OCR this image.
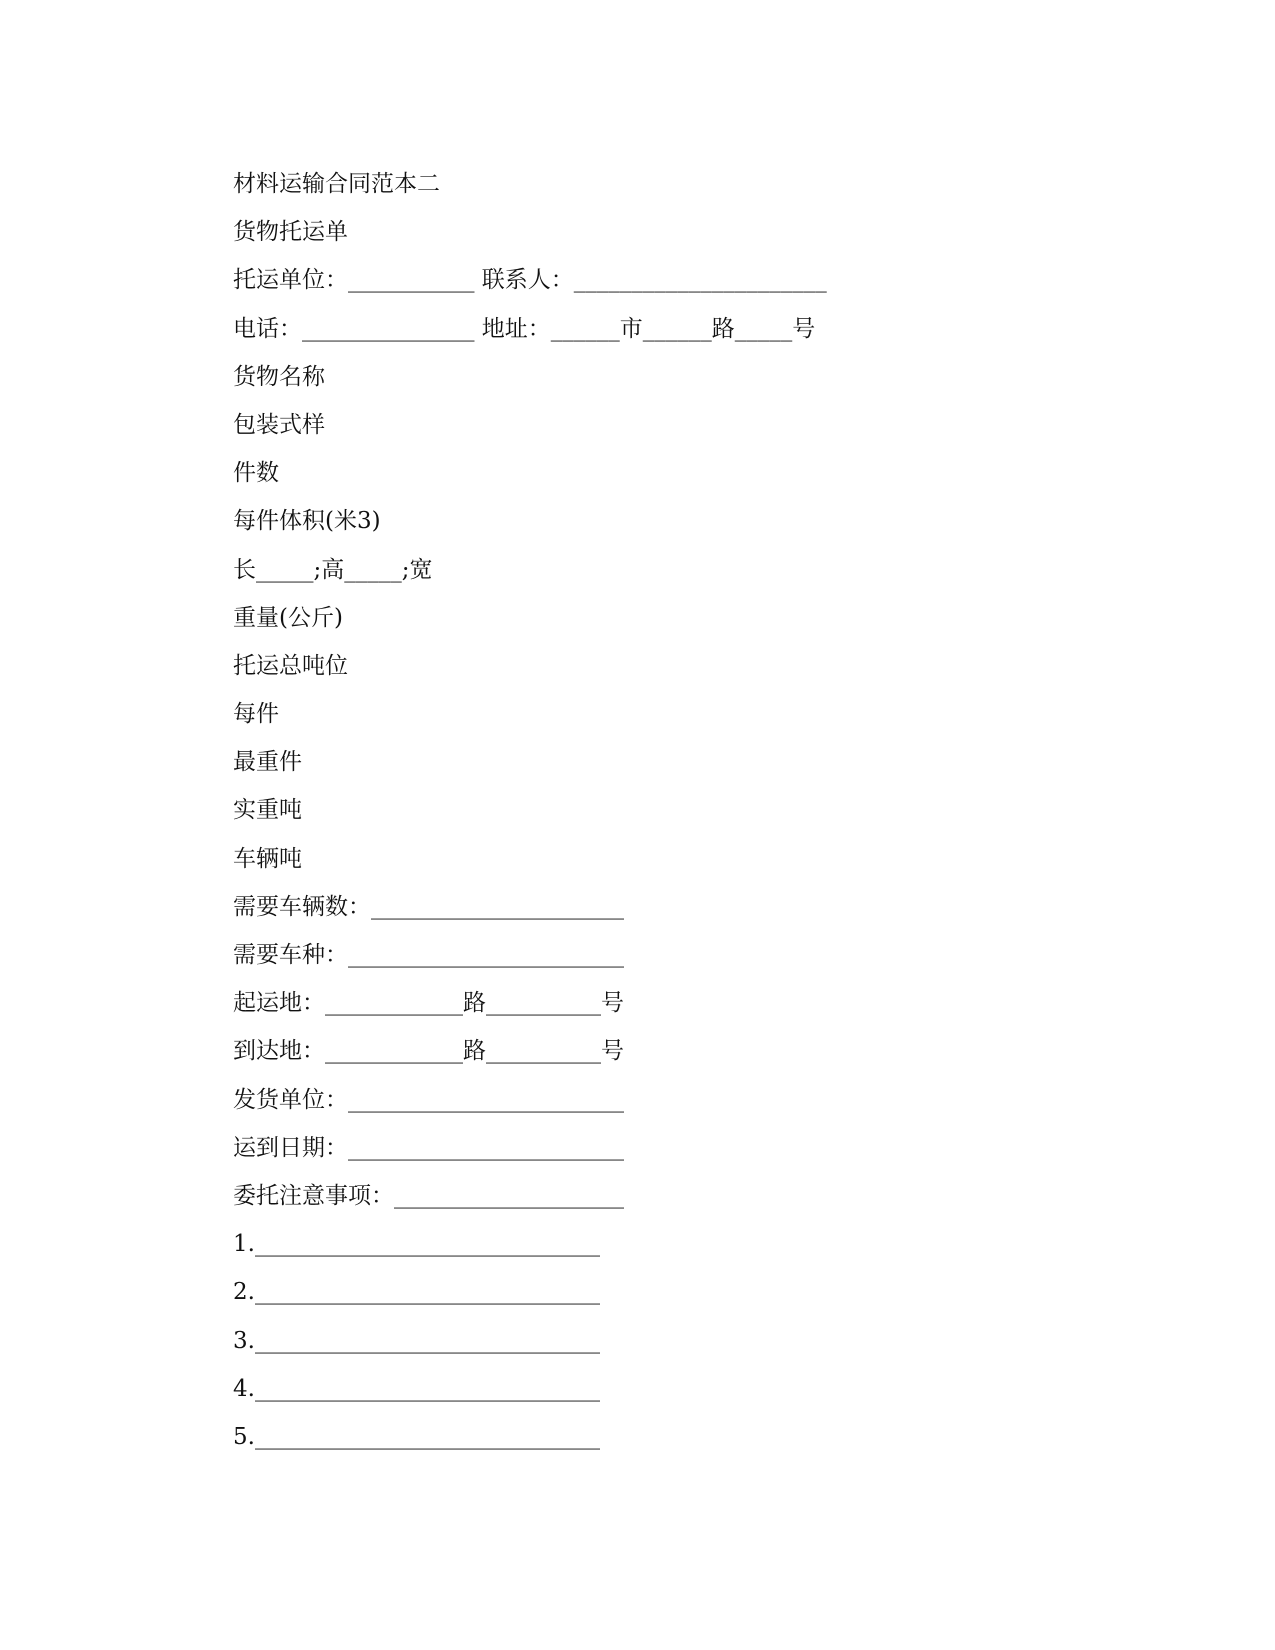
材料运输合同范本二
货物托运单
托运单位：___________ 联系人：______________________
电话：_______________ 地址：______市______路_____号
货物名称
包装式样
件数
每件体积(米3)
长_____;高_____;宽
重量(公斤)
托运总吨位
每件
最重件
实重吨
车辆吨
需要车辆数：______________________
需要车种：________________________
起运地：____________路__________号
到达地：____________路__________号
发货单位：________________________
运到日期：________________________
委托注意事项：____________________
1.______________________________
2.______________________________
3.______________________________
4.______________________________
5.______________________________
